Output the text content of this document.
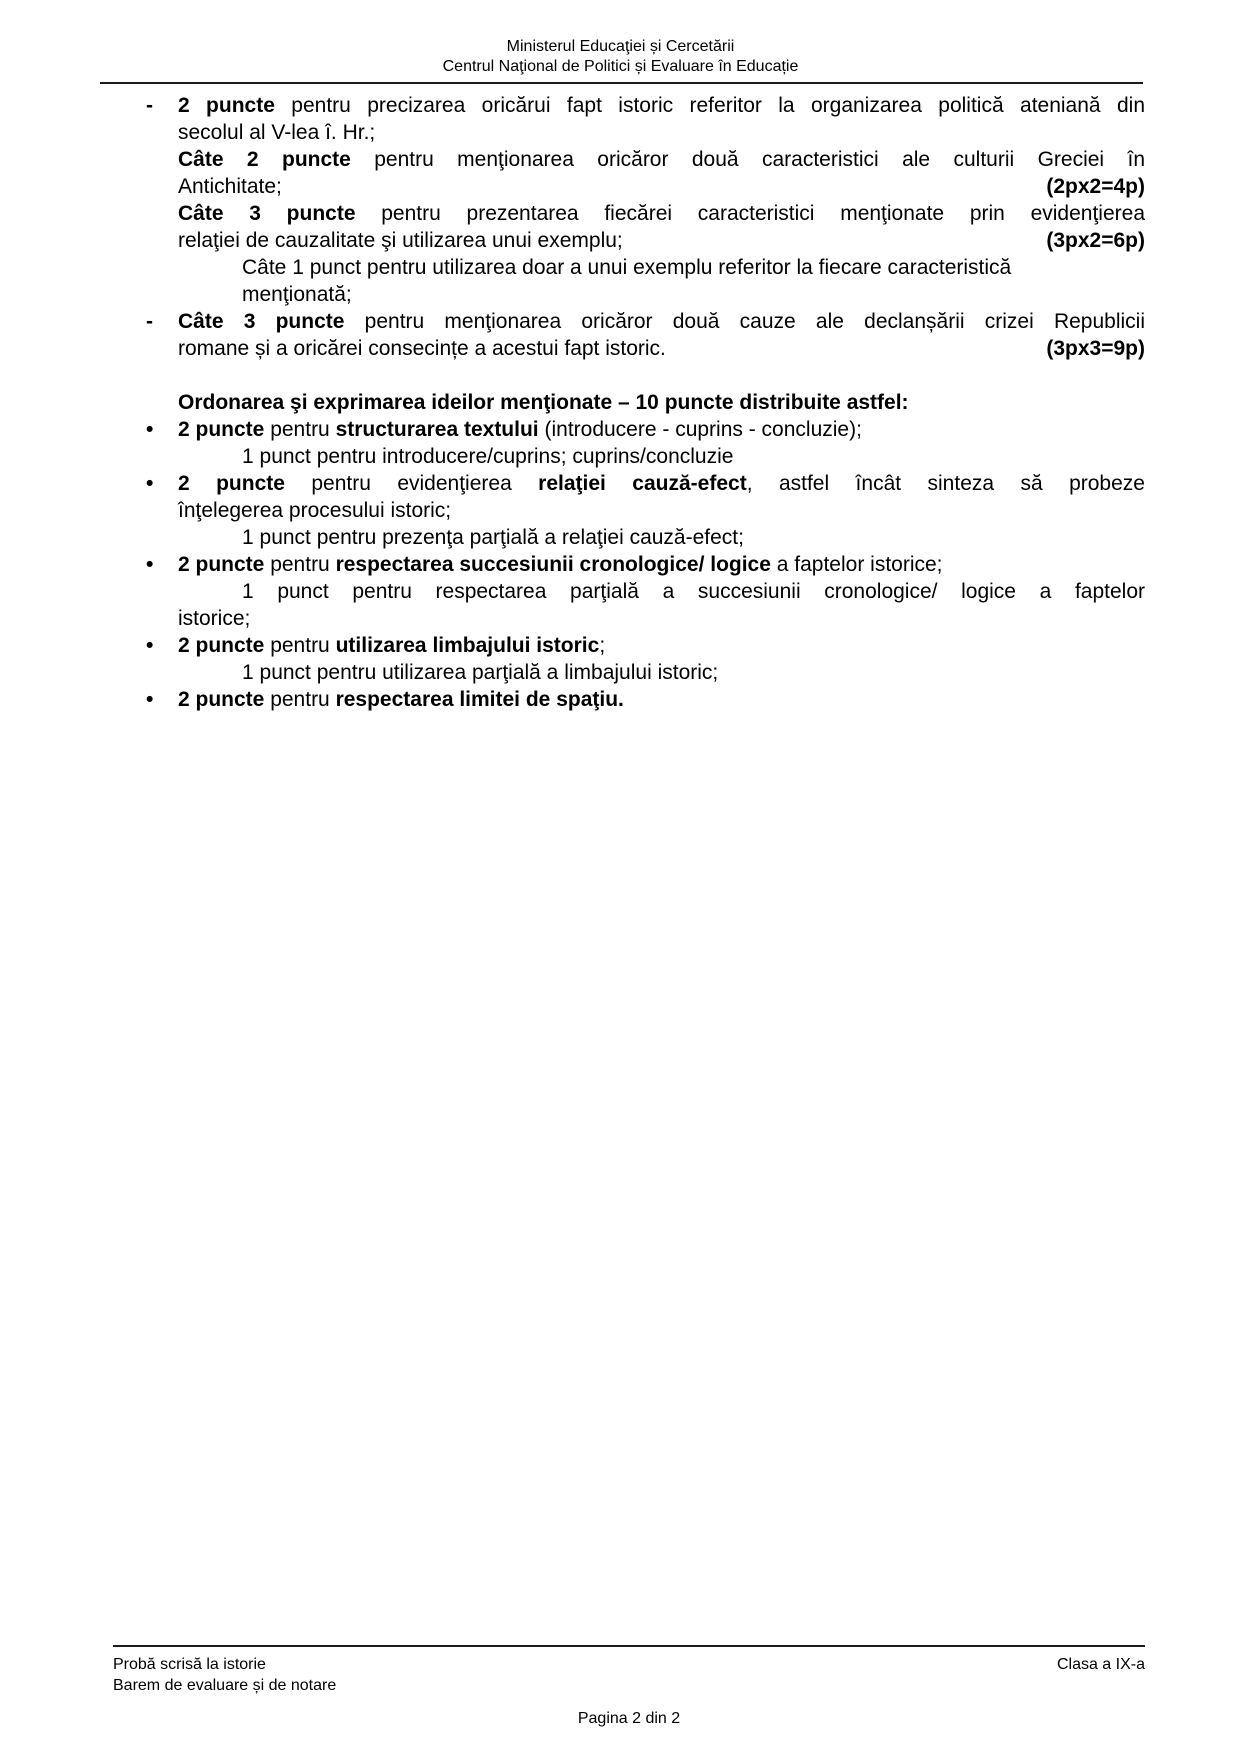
Ministerul Educaţiei și Cercetării
Centrul Naţional de Politici și Evaluare în Educație
-	2 puncte pentru precizarea oricărui fapt istoric referitor la organizarea politică ateniană din
secolul al V-lea î. Hr.;
Câte 2 puncte pentru menţionarea oricăror două caracteristici ale culturii Greciei în
Antichitate;	(2px2=4p)
Câte 3 puncte pentru prezentarea fiecărei caracteristici menţionate prin evidenţierea
relaţiei de cauzalitate şi utilizarea unui exemplu;	(3px2=6p)
Câte 1 punct pentru utilizarea doar a unui exemplu referitor la fiecare caracteristică
menţionată;
-	Câte 3 puncte pentru menţionarea oricăror două cauze ale declanșării crizei Republicii
romane și a oricărei consecințe a acestui fapt istoric.	(3px3=9p)
Ordonarea şi exprimarea ideilor menţionate – 10 puncte distribuite astfel:
•	2 puncte pentru structurarea textului (introducere - cuprins - concluzie);
1 punct pentru introducere/cuprins; cuprins/concluzie
•	2 puncte pentru evidenţierea relaţiei cauză-efect, astfel încât sinteza să probeze
înţelegerea procesului istoric;
1 punct pentru prezenţa parţială a relaţiei cauză-efect;
•	2 puncte pentru respectarea succesiunii cronologice/ logice a faptelor istorice;
1 punct pentru respectarea parţială a succesiunii cronologice/ logice a faptelor
istorice;
•	2 puncte pentru utilizarea limbajului istoric;
1 punct pentru utilizarea parţială a limbajului istoric;
•	2 puncte pentru respectarea limitei de spaţiu.
Probă scrisă la istorie
Barem de evaluare și de notare
Clasa a IX-a
Pagina 2 din 2
